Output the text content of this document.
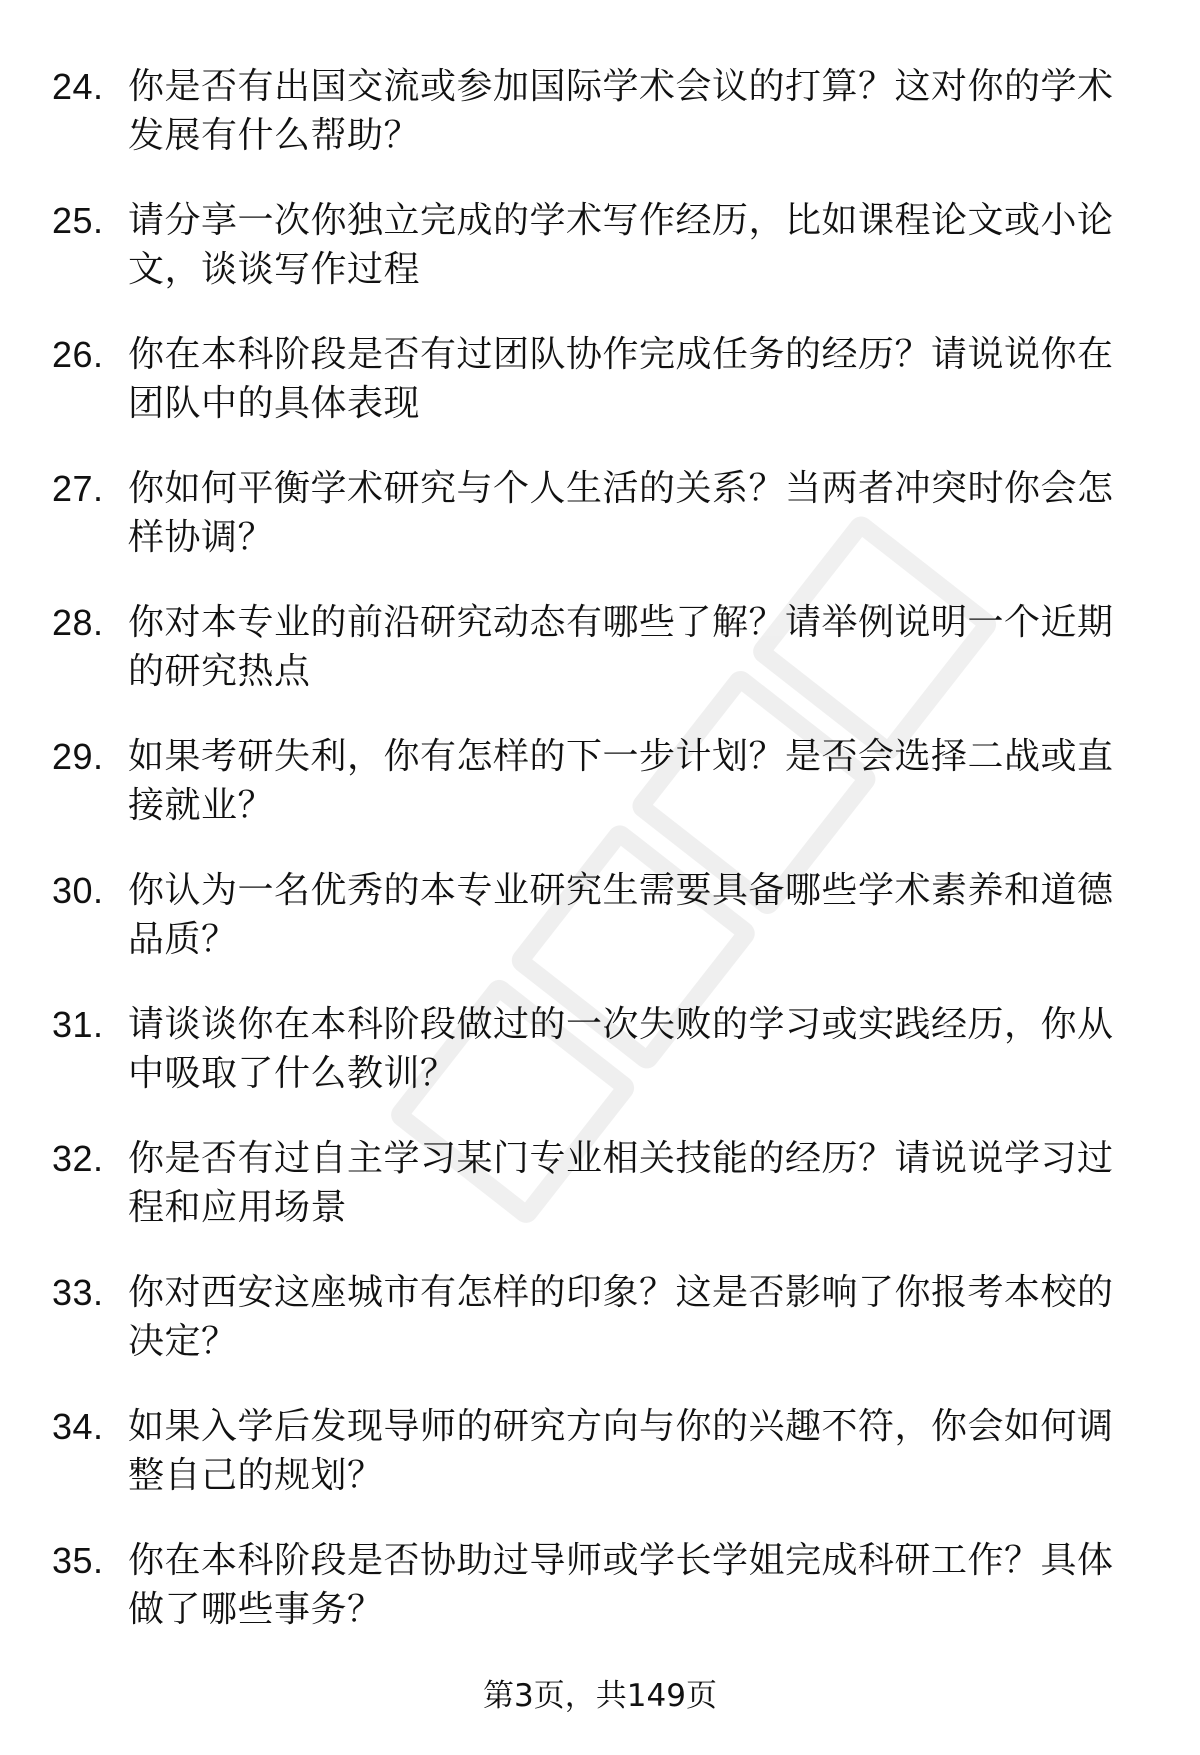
24. 你是否有出国交流或参加国际学术会议的打算？这对你的学术发展有什么帮助？
25. 请分享一次你独立完成的学术写作经历，比如课程论文或小论文，谈谈写作过程
26. 你在本科阶段是否有过团队协作完成任务的经历？请说说你在团队中的具体表现
27. 你如何平衡学术研究与个人生活的关系？当两者冲突时你会怎样协调？
28. 你对本专业的前沿研究动态有哪些了解？请举例说明一个近期的研究热点
29. 如果考研失利，你有怎样的下一步计划？是否会选择二战或直接就业？
30. 你认为一名优秀的本专业研究生需要具备哪些学术素养和道德品质？
31. 请谈谈你在本科阶段做过的一次失败的学习或实践经历，你从中吸取了什么教训？
32. 你是否有过自主学习某门专业相关技能的经历？请说说学习过程和应用场景
33. 你对西安这座城市有怎样的印象？这是否影响了你报考本校的决定？
34. 如果入学后发现导师的研究方向与你的兴趣不符，你会如何调整自己的规划？
35. 你在本科阶段是否协助过导师或学长学姐完成科研工作？具体做了哪些事务？
第3页，共149页
